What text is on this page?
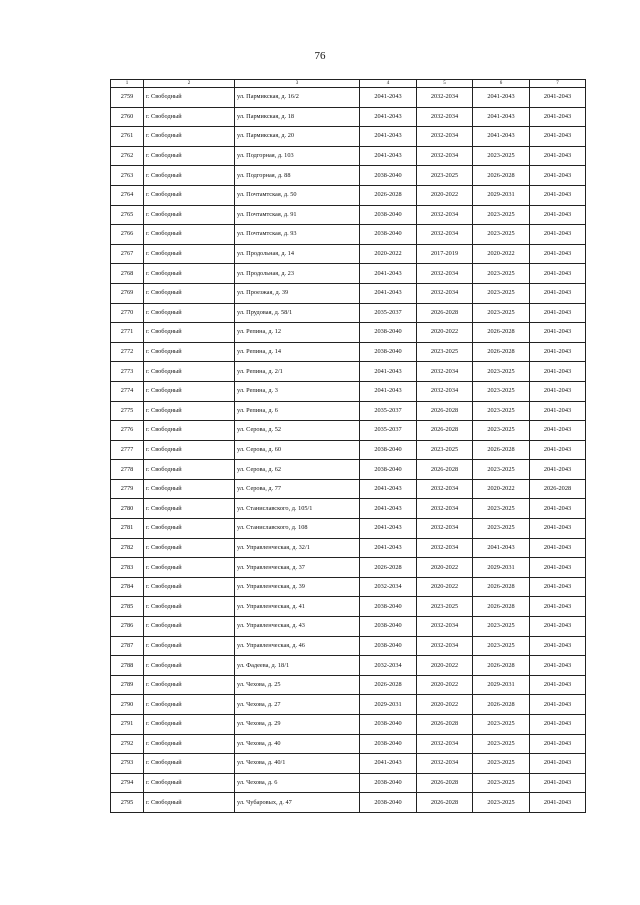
76
1	2	3	4	5	6	7
2759	г. Свободный	ул. Пармикская, д. 16/2	2041-2043	2032-2034	2041-2043	2041-2043
2760	г. Свободный	ул. Пармикская, д. 18	2041-2043	2032-2034	2041-2043	2041-2043
2761	г. Свободный	ул. Пармикская, д. 20	2041-2043	2032-2034	2041-2043	2041-2043
2762	г. Свободный	ул. Подгорная, д. 103	2041-2043	2032-2034	2023-2025	2041-2043
2763	г. Свободный	ул. Подгорная, д. 88	2038-2040	2023-2025	2026-2028	2041-2043
2764	г. Свободный	ул. Почтамтская, д. 50	2026-2028	2020-2022	2029-2031	2041-2043
2765	г. Свободный	ул. Почтамтская, д. 91	2038-2040	2032-2034	2023-2025	2041-2043
2766	г. Свободный	ул. Почтамтская, д. 93	2038-2040	2032-2034	2023-2025	2041-2043
2767	г. Свободный	ул. Продольная, д. 14	2020-2022	2017-2019	2020-2022	2041-2043
2768	г. Свободный	ул. Продольная, д. 23	2041-2043	2032-2034	2023-2025	2041-2043
2769	г. Свободный	ул. Проезжая, д. 39	2041-2043	2032-2034	2023-2025	2041-2043
2770	г. Свободный	ул. Прудовая, д. 58/1	2035-2037	2026-2028	2023-2025	2041-2043
2771	г. Свободный	ул. Репина, д. 12	2038-2040	2020-2022	2026-2028	2041-2043
2772	г. Свободный	ул. Репина, д. 14	2038-2040	2023-2025	2026-2028	2041-2043
2773	г. Свободный	ул. Репина, д. 2/1	2041-2043	2032-2034	2023-2025	2041-2043
2774	г. Свободный	ул. Репина, д. 3	2041-2043	2032-2034	2023-2025	2041-2043
2775	г. Свободный	ул. Репина, д. 6	2035-2037	2026-2028	2023-2025	2041-2043
2776	г. Свободный	ул. Серова, д. 52	2035-2037	2026-2028	2023-2025	2041-2043
2777	г. Свободный	ул. Серова, д. 60	2038-2040	2023-2025	2026-2028	2041-2043
2778	г. Свободный	ул. Серова, д. 62	2038-2040	2026-2028	2023-2025	2041-2043
2779	г. Свободный	ул. Серова, д. 77	2041-2043	2032-2034	2020-2022	2026-2028
2780	г. Свободный	ул. Станиславского, д. 105/1	2041-2043	2032-2034	2023-2025	2041-2043
2781	г. Свободный	ул. Станиславского, д. 108	2041-2043	2032-2034	2023-2025	2041-2043
2782	г. Свободный	ул. Управленческая, д. 32/1	2041-2043	2032-2034	2041-2043	2041-2043
2783	г. Свободный	ул. Управленческая, д. 37	2026-2028	2020-2022	2029-2031	2041-2043
2784	г. Свободный	ул. Управленческая, д. 39	2032-2034	2020-2022	2026-2028	2041-2043
2785	г. Свободный	ул. Управленческая, д. 41	2038-2040	2023-2025	2026-2028	2041-2043
2786	г. Свободный	ул. Управленческая, д. 43	2038-2040	2032-2034	2023-2025	2041-2043
2787	г. Свободный	ул. Управленческая, д. 46	2038-2040	2032-2034	2023-2025	2041-2043
2788	г. Свободный	ул. Фадеева, д. 18/1	2032-2034	2020-2022	2026-2028	2041-2043
2789	г. Свободный	ул. Чехова, д. 25	2026-2028	2020-2022	2029-2031	2041-2043
2790	г. Свободный	ул. Чехова, д. 27	2029-2031	2020-2022	2026-2028	2041-2043
2791	г. Свободный	ул. Чехова, д. 29	2038-2040	2026-2028	2023-2025	2041-2043
2792	г. Свободный	ул. Чехова, д. 40	2038-2040	2032-2034	2023-2025	2041-2043
2793	г. Свободный	ул. Чехова, д. 40/1	2041-2043	2032-2034	2023-2025	2041-2043
2794	г. Свободный	ул. Чехова, д. 6	2038-2040	2026-2028	2023-2025	2041-2043
2795	г. Свободный	ул. Чубаровых, д. 47	2038-2040	2026-2028	2023-2025	2041-2043
